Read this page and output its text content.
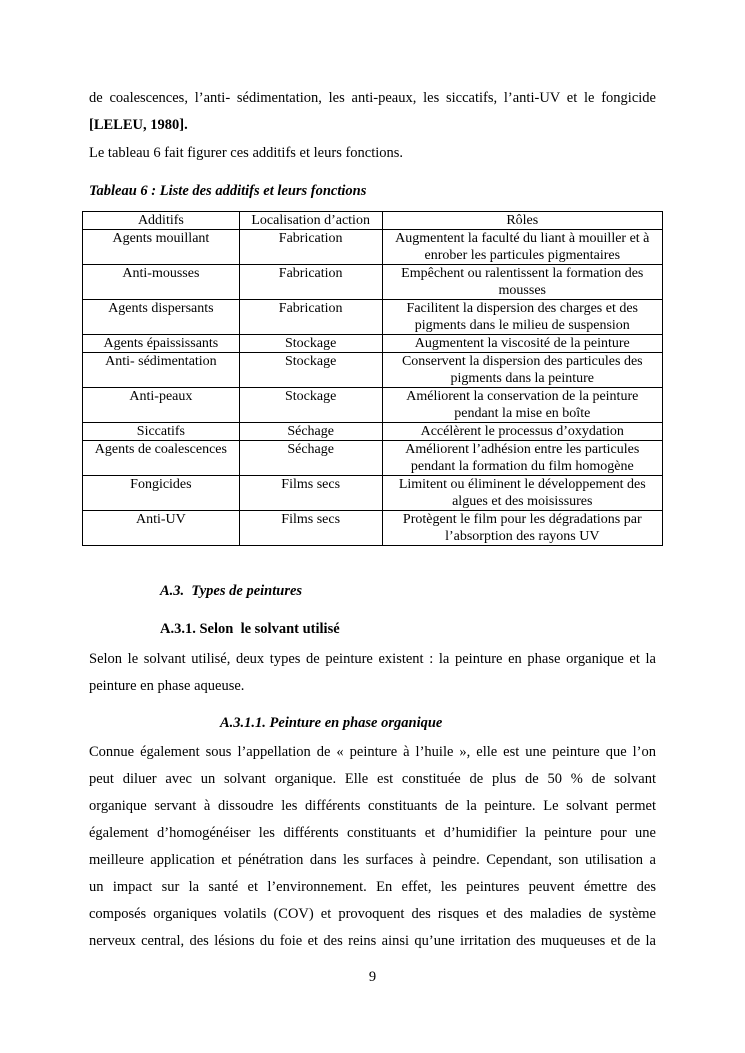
de coalescences, l’anti- sédimentation, les anti-peaux, les siccatifs, l’anti-UV et le fongicide
[LELEU, 1980].
Le tableau 6 fait figurer ces additifs et leurs fonctions.
Tableau 6 : Liste des additifs et leurs fonctions
Additifs	Localisation d’action	Rôles
Agents mouillant	Fabrication	Augmentent la faculté du liant à mouiller et à enrober les particules pigmentaires
Anti-mousses	Fabrication	Empêchent ou ralentissent la formation des mousses
Agents dispersants	Fabrication	Facilitent la dispersion des charges et des pigments dans le milieu de suspension
Agents épaississants	Stockage	Augmentent la viscosité de la peinture
Anti- sédimentation	Stockage	Conservent la dispersion des particules des pigments dans la peinture
Anti-peaux	Stockage	Améliorent la conservation de la peinture pendant la mise en boîte
Siccatifs	Séchage	Accélèrent le processus d’oxydation
Agents de coalescences	Séchage	Améliorent l’adhésion entre les particules pendant la formation du film homogène
Fongicides	Films secs	Limitent ou éliminent le développement des algues et des moisissures
Anti-UV	Films secs	Protègent le film pour les dégradations par l’absorption des rayons UV
A.3. Types de peintures
A.3.1. Selon  le solvant utilisé
Selon le solvant utilisé, deux types de peinture existent : la peinture en phase organique et la
peinture en phase aqueuse.
A.3.1.1. Peinture en phase organique
Connue également sous l’appellation de « peinture à l’huile », elle est une peinture que l’on
peut diluer avec un solvant organique. Elle est constituée de plus de 50 % de solvant
organique servant à dissoudre les différents constituants de la peinture. Le solvant permet
également d’homogénéiser les différents constituants et d’humidifier la peinture pour une
meilleure application et pénétration dans les surfaces à peindre. Cependant, son utilisation a
un impact sur la santé et l’environnement. En effet, les peintures peuvent émettre des
composés organiques volatils (COV) et provoquent des risques et des maladies de système
nerveux central, des lésions du foie et des reins ainsi qu’une irritation des muqueuses et de la
9
